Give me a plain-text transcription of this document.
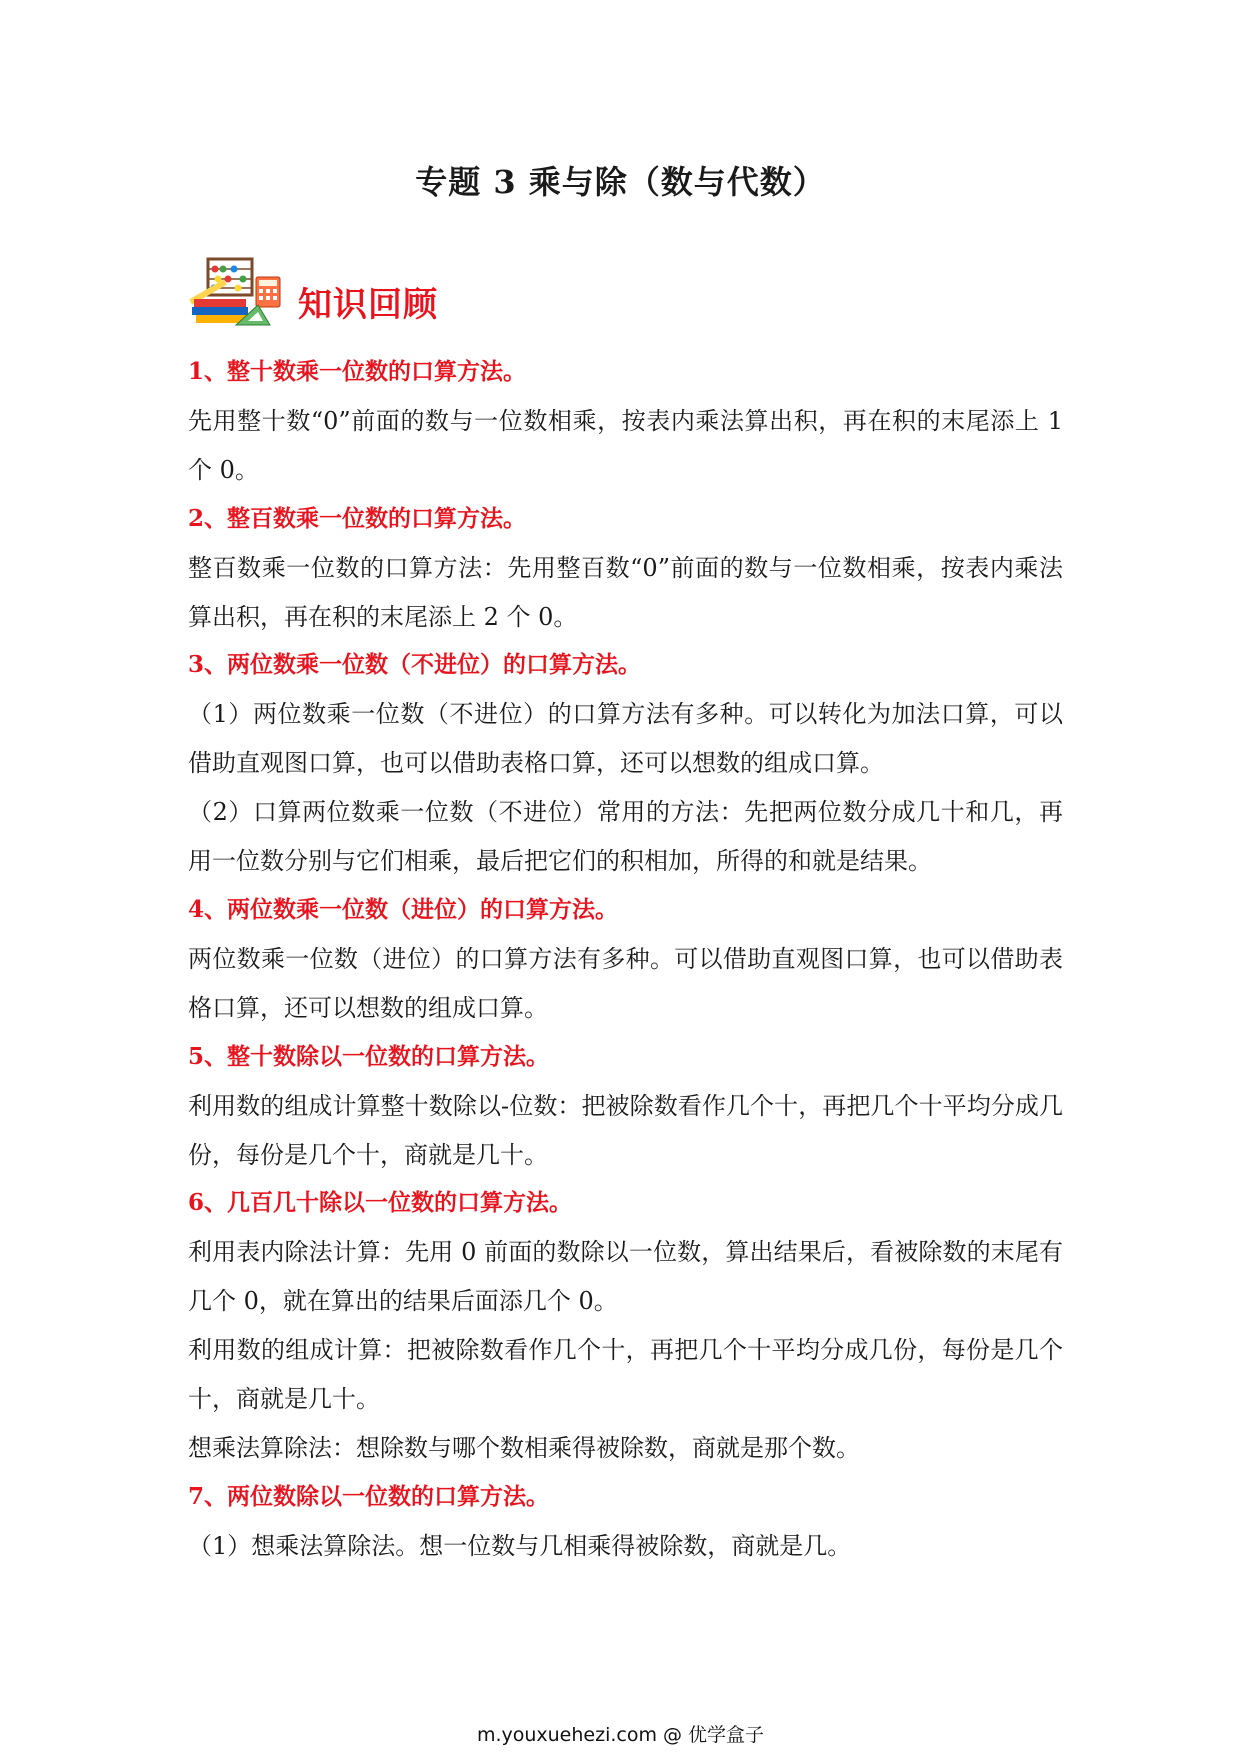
专题 3 乘与除（数与代数）
知识回顾

1、整十数乘一位数的口算方法。

先用整十数“0”前面的数与一位数相乘，按表内乘法算出积，再在积的末尾添上 1 个 0。

2、整百数乘一位数的口算方法。

整百数乘一位数的口算方法：先用整百数“0”前面的数与一位数相乘，按表内乘法算出积，再在积的末尾添上 2 个 0。

3、两位数乘一位数（不进位）的口算方法。

（1）两位数乘一位数（不进位）的口算方法有多种。可以转化为加法口算，可以借助直观图口算，也可以借助表格口算，还可以想数的组成口算。

（2）口算两位数乘一位数（不进位）常用的方法：先把两位数分成几十和几，再用一位数分别与它们相乘，最后把它们的积相加，所得的和就是结果。

4、两位数乘一位数（进位）的口算方法。

两位数乘一位数（进位）的口算方法有多种。可以借助直观图口算，也可以借助表格口算，还可以想数的组成口算。

5、整十数除以一位数的口算方法。

利用数的组成计算整十数除以-位数：把被除数看作几个十，再把几个十平均分成几份，每份是几个十，商就是几十。

6、几百几十除以一位数的口算方法。

利用表内除法计算：先用 0 前面的数除以一位数，算出结果后，看被除数的末尾有几个 0，就在算出的结果后面添几个 0。

利用数的组成计算：把被除数看作几个十，再把几个十平均分成几份，每份是几个十，商就是几十。

想乘法算除法：想除数与哪个数相乘得被除数，商就是那个数。

7、两位数除以一位数的口算方法。

（1）想乘法算除法。想一位数与几相乘得被除数，商就是几。

m.youxuehezi.com @ 优学盒子
